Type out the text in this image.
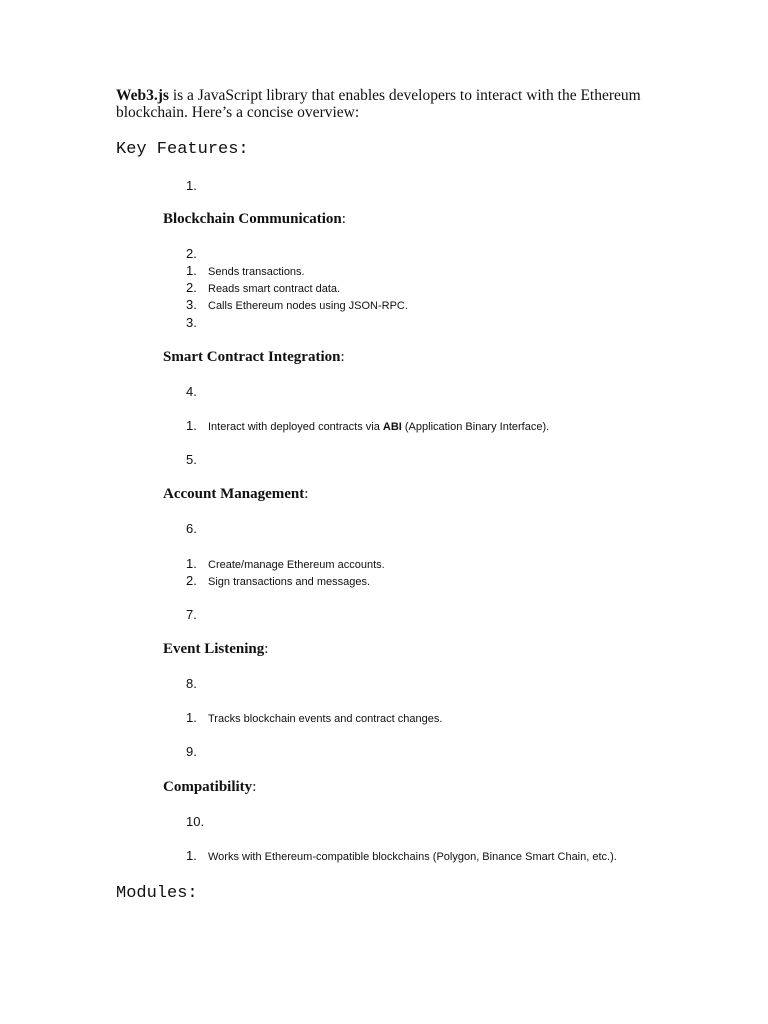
Web3.js is a JavaScript library that enables developers to interact with the Ethereum blockchain. Here’s a concise overview:

Key Features:
1.
Blockchain Communication:
2.
1. Sends transactions.
2. Reads smart contract data.
3. Calls Ethereum nodes using JSON-RPC.
3.
Smart Contract Integration:
4.
1. Interact with deployed contracts via ABI (Application Binary Interface).
5.
Account Management:
6.
1. Create/manage Ethereum accounts.
2. Sign transactions and messages.
7.
Event Listening:
8.
1. Tracks blockchain events and contract changes.
9.
Compatibility:
10.
1. Works with Ethereum-compatible blockchains (Polygon, Binance Smart Chain, etc.).
Modules:
